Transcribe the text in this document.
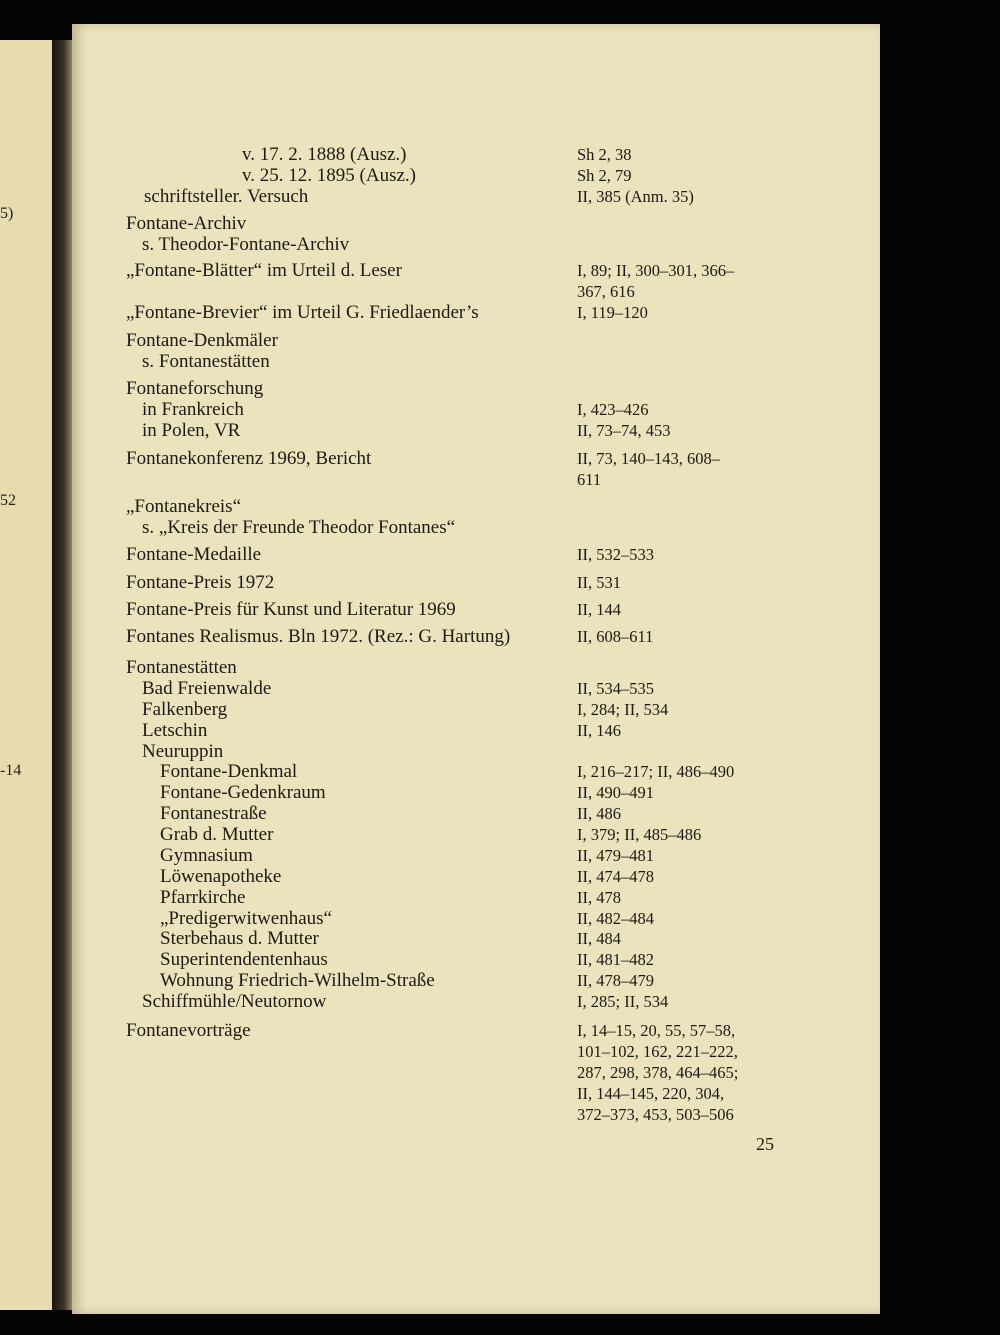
5)
52
-14
v. 17. 2. 1888 (Ausz.)	Sh 2, 38
v. 25. 12. 1895 (Ausz.)	Sh 2, 79
schriftsteller. Versuch	II, 385 (Anm. 35)
Fontane-Archiv
s. Theodor-Fontane-Archiv
„Fontane-Blätter“ im Urteil d. Leser	I, 89; II, 300–301, 366–
367, 616
„Fontane-Brevier“ im Urteil G. Friedlaender’s	I, 119–120
Fontane-Denkmäler
s. Fontanestätten
Fontaneforschung
in Frankreich	I, 423–426
in Polen, VR	II, 73–74, 453
Fontanekonferenz 1969, Bericht	II, 73, 140–143, 608–
611
„Fontanekreis“
s. „Kreis der Freunde Theodor Fontanes“
Fontane-Medaille	II, 532–533
Fontane-Preis 1972	II, 531
Fontane-Preis für Kunst und Literatur 1969	II, 144
Fontanes Realismus. Bln 1972. (Rez.: G. Hartung)	II, 608–611
Fontanestätten
Bad Freienwalde	II, 534–535
Falkenberg	I, 284; II, 534
Letschin	II, 146
Neuruppin
Fontane-Denkmal	I, 216–217; II, 486–490
Fontane-Gedenkraum	II, 490–491
Fontanestraße	II, 486
Grab d. Mutter	I, 379; II, 485–486
Gymnasium	II, 479–481
Löwenapotheke	II, 474–478
Pfarrkirche	II, 478
„Predigerwitwenhaus“	II, 482–484
Sterbehaus d. Mutter	II, 484
Superintendentenhaus	II, 481–482
Wohnung Friedrich-Wilhelm-Straße	II, 478–479
Schiffmühle/Neutornow	I, 285; II, 534
Fontanevorträge	I, 14–15, 20, 55, 57–58,
101–102, 162, 221–222,
287, 298, 378, 464–465;
II, 144–145, 220, 304,
372–373, 453, 503–506
25
